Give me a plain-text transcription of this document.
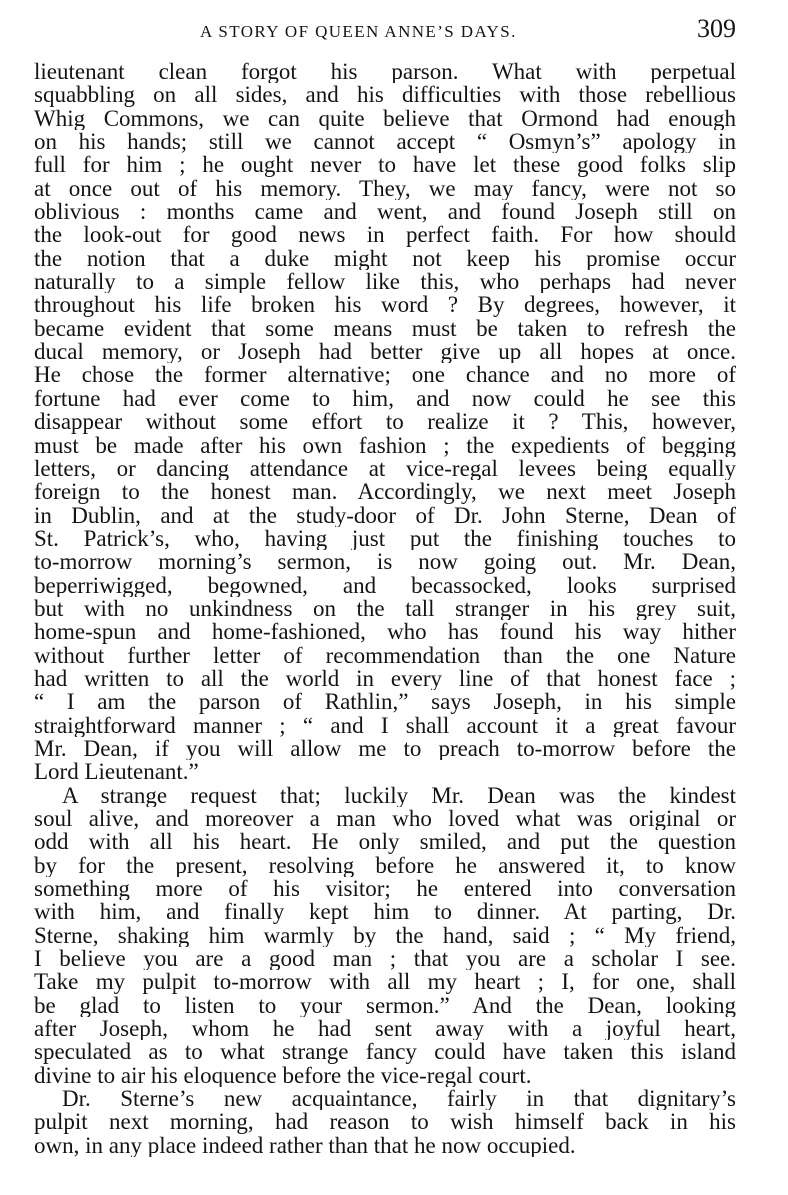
A STORY OF QUEEN ANNE’S DAYS.	309
lieutenant clean forgot his parson. What with perpetual
squabbling on all sides, and his difficulties with those rebellious
Whig Commons, we can quite believe that Ormond had enough
on his hands; still we cannot accept “ Osmyn’s” apology in
full for him ; he ought never to have let these good folks slip
at once out of his memory. They, we may fancy, were not so
oblivious : months came and went, and found Joseph still on
the look-out for good news in perfect faith. For how should
the notion that a duke might not keep his promise occur
naturally to a simple fellow like this, who perhaps had never
throughout his life broken his word ? By degrees, however, it
became evident that some means must be taken to refresh the
ducal memory, or Joseph had better give up all hopes at once.
He chose the former alternative; one chance and no more of
fortune had ever come to him, and now could he see this
disappear without some effort to realize it ? This, however,
must be made after his own fashion ; the expedients of begging
letters, or dancing attendance at vice-regal levees being equally
foreign to the honest man. Accordingly, we next meet Joseph
in Dublin, and at the study-door of Dr. John Sterne, Dean of
St. Patrick’s, who, having just put the finishing touches to
to-morrow morning’s sermon, is now going out. Mr. Dean,
beperriwigged, begowned, and becassocked, looks surprised
but with no unkindness on the tall stranger in his grey suit,
home-spun and home-fashioned, who has found his way hither
without further letter of recommendation than the one Nature
had written to all the world in every line of that honest face ;
“ I am the parson of Rathlin,” says Joseph, in his simple
straightforward manner ; “ and I shall account it a great favour
Mr. Dean, if you will allow me to preach to-morrow before the
Lord Lieutenant.”
A strange request that; luckily Mr. Dean was the kindest
soul alive, and moreover a man who loved what was original or
odd with all his heart. He only smiled, and put the question
by for the present, resolving before he answered it, to know
something more of his visitor; he entered into conversation
with him, and finally kept him to dinner. At parting, Dr.
Sterne, shaking him warmly by the hand, said ; “ My friend,
I believe you are a good man ; that you are a scholar I see.
Take my pulpit to-morrow with all my heart ; I, for one, shall
be glad to listen to your sermon.” And the Dean, looking
after Joseph, whom he had sent away with a joyful heart,
speculated as to what strange fancy could have taken this island
divine to air his eloquence before the vice-regal court.
Dr. Sterne’s new acquaintance, fairly in that dignitary’s
pulpit next morning, had reason to wish himself back in his
own, in any place indeed rather than that he now occupied.
